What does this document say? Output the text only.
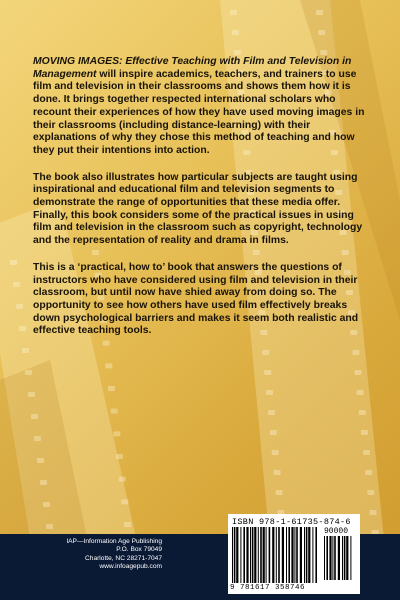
MOVING IMAGES: Effective Teaching with Film and Television in Management will inspire academics, teachers, and trainers to use film and television in their classrooms and shows them how it is done. It brings together respected international scholars who recount their experiences of how they have used moving images in their classrooms (including distance-learning) with their explanations of why they chose this method of teaching and how they put their intentions into action.

The book also illustrates how particular subjects are taught using inspirational and educational film and television segments to demonstrate the range of opportunities that these media offer. Finally, this book considers some of the practical issues in using film and television in the classroom such as copyright, technology and the representation of reality and drama in films.

This is a ‘practical, how to’ book that answers the questions of instructors who have considered using film and television in their classroom, but until now have shied away from doing so. The opportunity to see how others have used film effectively breaks down psychological barriers and makes it seem both realistic and effective teaching tools.

IAP—Information Age Publishing
P.O. Box 79049
Charlotte, NC 28271-7047
www.infoagepub.com
ISBN 978-1-61735-874-6
90000
9 781617 358746
